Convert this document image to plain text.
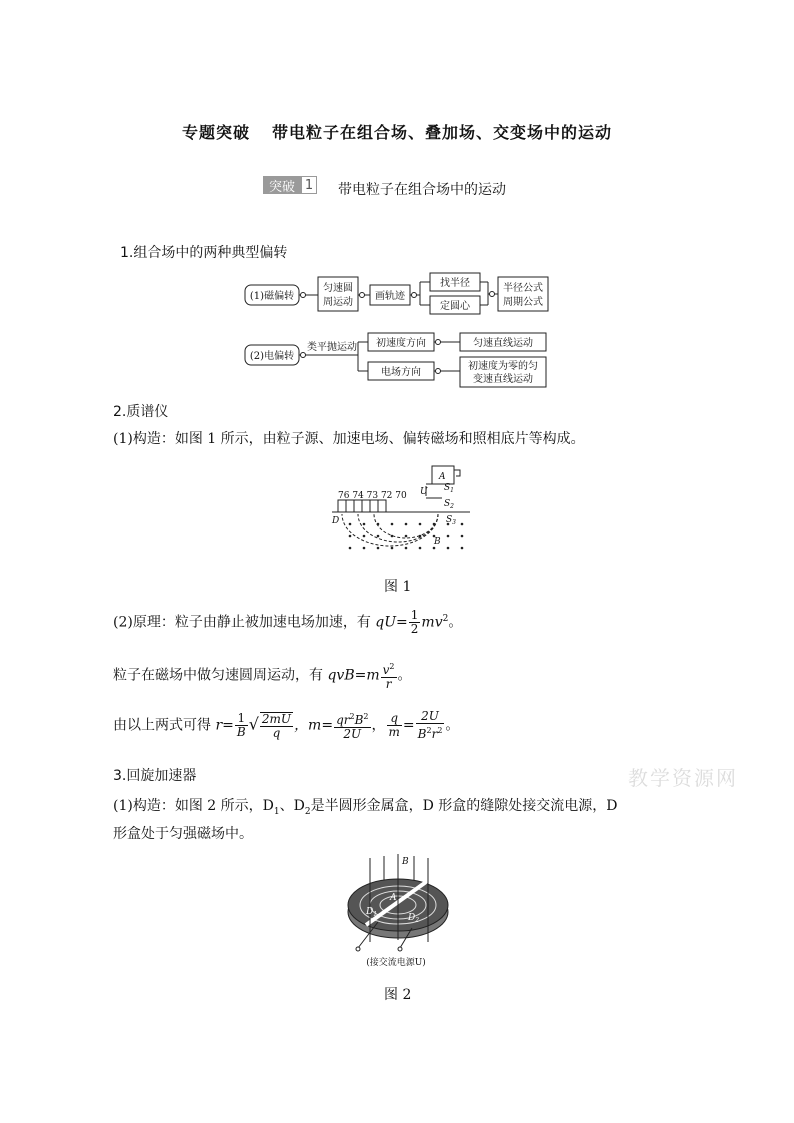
专题突破 带电粒子在组合场、叠加场、交变场中的运动
突破 1 带电粒子在组合场中的运动
1.组合场中的两种典型偏转
(1)磁偏转
匀速圆
周运动
画轨迹
找半径
定圆心
半径公式
周期公式
(2)电偏转
类平抛运动 初速度方向
电场方向
匀速直线运动
初速度为零的匀
变速直线运动
2.质谱仪
(1)构造：如图 1 所示，由粒子源、加速电场、偏转磁场和照相底片等构成。
76 74 73 72 70
A
U $S_1$
$S_2$
$S_3$
D
B
图 1
(2)原理：粒子由静止被加速电场加速，有 $qU= \frac{1}{2} mv^2$。
粒子在磁场中做匀速圆周运动，有 $qvB=m \frac{v^2}{r}$ 。
由以上两式可得 $r= \frac{1}{B}$ √ $\frac{2mU}{q}$ ，$m= \frac{qr^2B^2}{2U}$ ， $\frac{q}{m} = \frac{2U}{B^2r^2}$ 。
3.回旋加速器
(1)构造：如图 2 所示，$D_1$、$D_2$是半圆形金属盒，D 形盒的缝隙处接交流电源，D
形盒处于匀强磁场中。
B
A
$D_1$	$D_2$
(接交流电源U)
图 2
教学资源网
